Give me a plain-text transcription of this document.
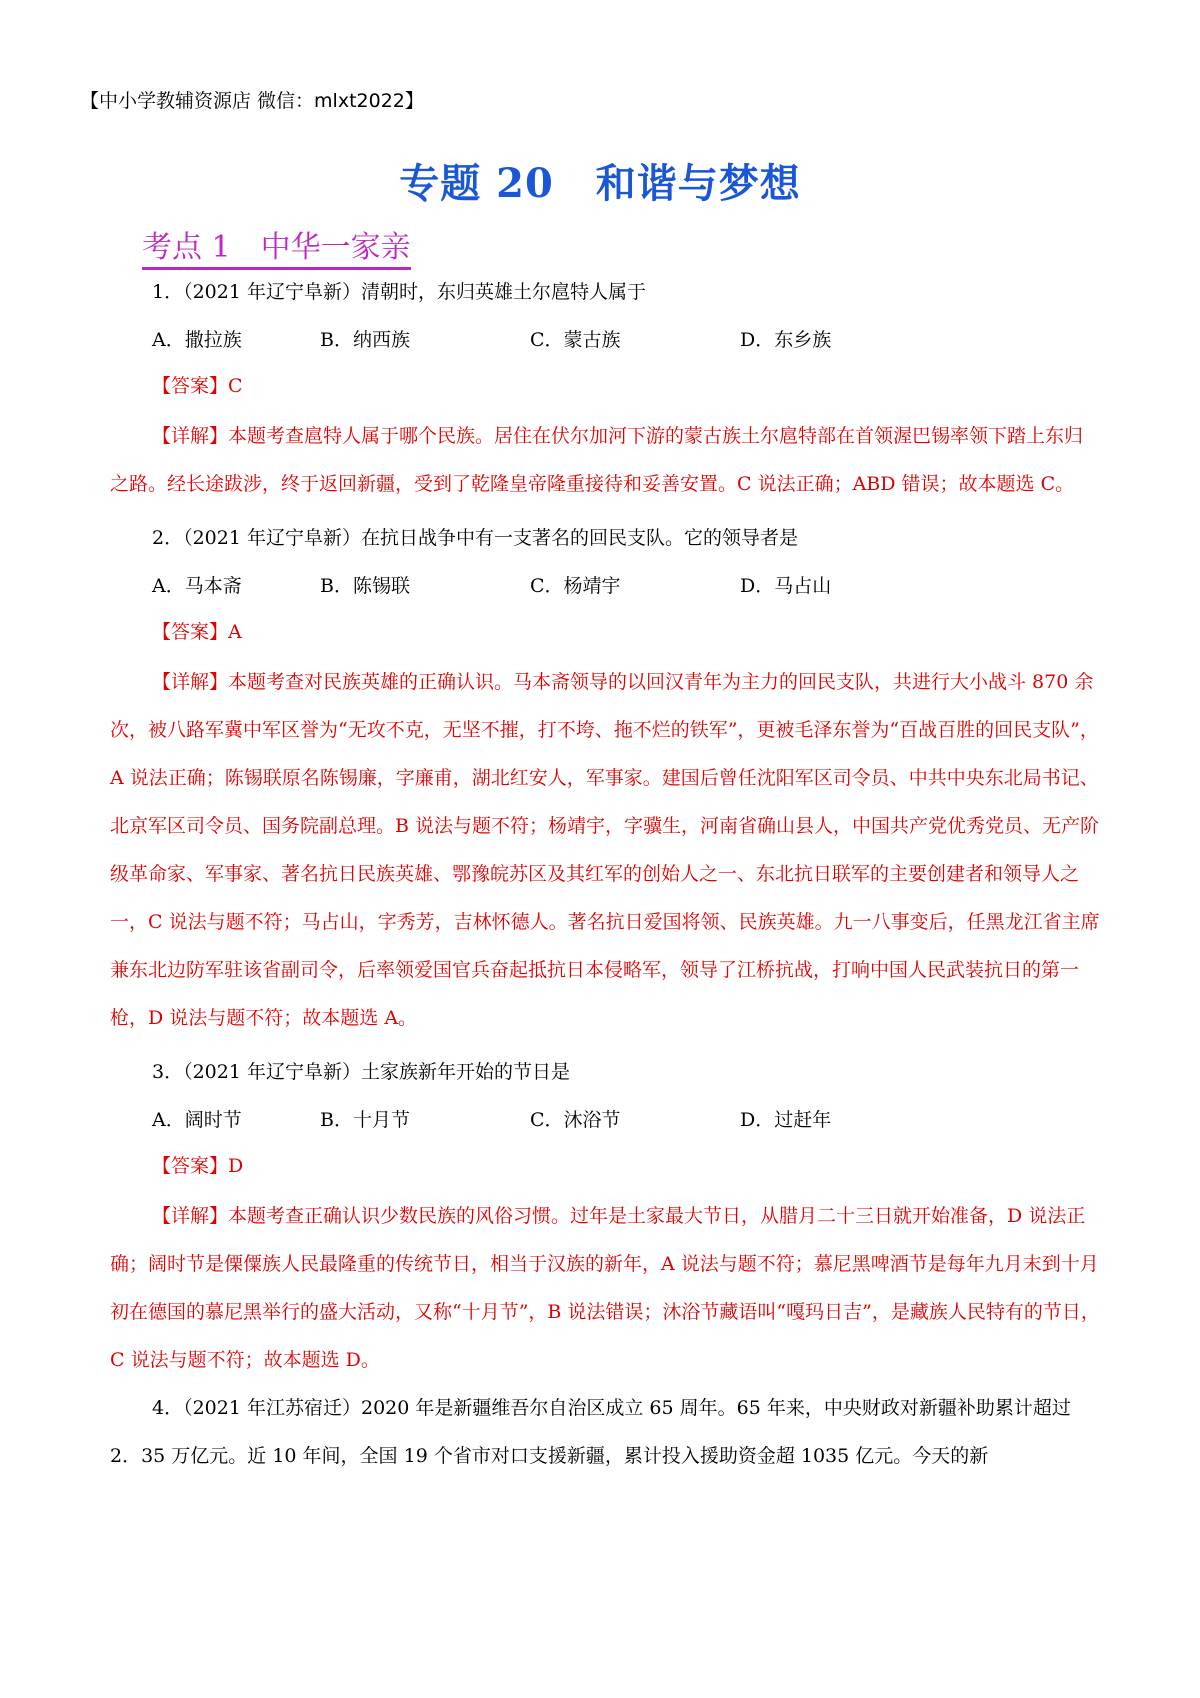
【中小学教辅资源店 微信：mlxt2022】
专题 20 和谐与梦想
考点 1 中华一家亲
1．（2021 年辽宁阜新）清朝时，东归英雄土尔扈特人属于
A．撒拉族	B．纳西族	C．蒙古族	D．东乡族
【答案】C
【详解】本题考查扈特人属于哪个民族。居住在伏尔加河下游的蒙古族土尔扈特部在首领渥巴锡率领下踏上东归之路。经长途跋涉，终于返回新疆，受到了乾隆皇帝隆重接待和妥善安置。C 说法正确；ABD 错误；故本题选 C。
2．（2021 年辽宁阜新）在抗日战争中有一支著名的回民支队。它的领导者是
A．马本斋	B．陈锡联	C．杨靖宇	D．马占山
【答案】A
【详解】本题考查对民族英雄的正确认识。马本斋领导的以回汉青年为主力的回民支队，共进行大小战斗 870 余次，被八路军冀中军区誉为“无攻不克，无坚不摧，打不垮、拖不烂的铁军”，更被毛泽东誉为“百战百胜的回民支队”，A 说法正确；陈锡联原名陈锡廉，字廉甫，湖北红安人，军事家。建国后曾任沈阳军区司令员、中共中央东北局书记、北京军区司令员、国务院副总理。B 说法与题不符；杨靖宇，字骥生，河南省确山县人，中国共产党优秀党员、无产阶级革命家、军事家、著名抗日民族英雄、鄂豫皖苏区及其红军的创始人之一、东北抗日联军的主要创建者和领导人之一，C 说法与题不符；马占山，字秀芳，吉林怀德人。著名抗日爱国将领、民族英雄。九一八事变后，任黑龙江省主席兼东北边防军驻该省副司令，后率领爱国官兵奋起抵抗日本侵略军，领导了江桥抗战，打响中国人民武装抗日的第一枪，D 说法与题不符；故本题选 A。
3．（2021 年辽宁阜新）土家族新年开始的节日是
A．阔时节	B．十月节	C．沐浴节	D．过赶年
【答案】D
【详解】本题考查正确认识少数民族的风俗习惯。过年是土家最大节日，从腊月二十三日就开始准备，D 说法正确；阔时节是傈僳族人民最隆重的传统节日，相当于汉族的新年，A 说法与题不符；慕尼黑啤酒节是每年九月末到十月初在德国的慕尼黑举行的盛大活动，又称“十月节”，B 说法错误；沐浴节藏语叫“嘎玛日吉”，是藏族人民特有的节日，C 说法与题不符；故本题选 D。
4．（2021 年江苏宿迁）2020 年是新疆维吾尔自治区成立 65 周年。65 年来，中央财政对新疆补助累计超过 2．35 万亿元。近 10 年间，全国 19 个省市对口支援新疆，累计投入援助资金超 1035 亿元。今天的新
